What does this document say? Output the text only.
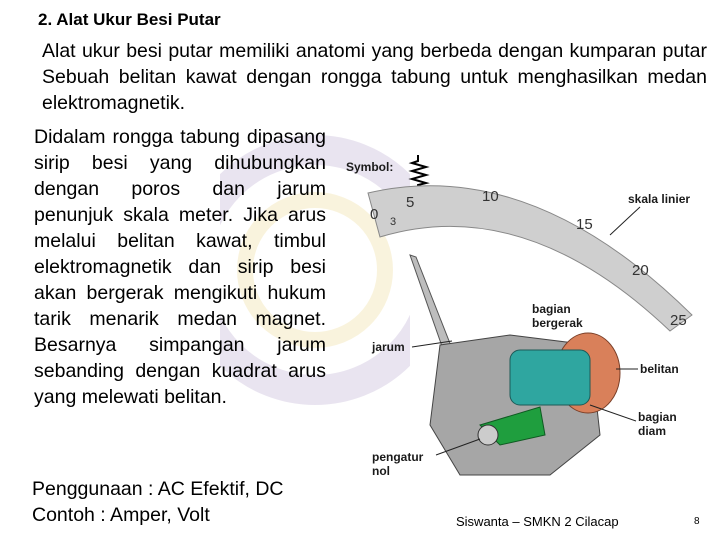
2. Alat Ukur Besi Putar
Alat ukur besi putar memiliki anatomi yang berbeda dengan kumparan putar Sebuah belitan kawat dengan rongga tabung untuk menghasilkan medan elektromagnetik.
Didalam rongga tabung dipasang sirip besi yang dihubungkan dengan poros dan jarum penunjuk skala meter. Jika arus melalui belitan kawat, timbul elektromagnetik dan sirip besi akan bergerak mengikuti hukum tarik menarik medan magnet. Besarnya simpangan jarum sebanding dengan kuadrat arus yang melewati belitan.
Penggunaan : AC Efektif, DC
Contoh : Amper, Volt
Symbol:
0 3
5	10
15
20
25
skala linier
bagian
bergerak
jarum
belitan
bagian
diam
pengatur
nol
Siswanta – SMKN 2 Cilacap	8
